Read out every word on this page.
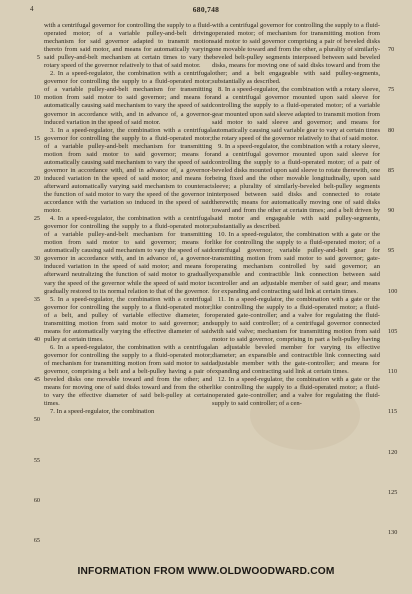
4	680,748
5
10
15
20
25
30
35
40
45
50
55
60
65

with a centrifugal governor for controlling the supply to a fluid-operated motor; of a variable pulley-and-belt driving mechanism for said governor adapted to transmit motion thereto from said motor, and means for automatically varying said pulley-and-belt mechanism at certain times to vary the rotary speed of the governor relatively to that of said motor.

2. In a speed-regulator, the combination with a centrifugal governor for controlling the supply to a fluid-operated motor; of a variable pulley-and-belt mechanism for transmitting motion from said motor to said governor; and means for automatically causing said mechanism to vary the speed of said governor in accordance with, and in advance of, a governor-induced variation in the speed of said motor.

3. In a speed-regulator, the combination with a centrifugal governor for controlling the supply to a fluid-operated motor; of a variable pulley-and-belt mechanism for transmitting motion from said motor to said governor; means for automatically causing said mechanism to vary the speed of said governor in accordance with, and in advance of, a governor-induced variation in the speed of said motor; and means for afterward automatically varying said mechanism to counteract the function of said motor to vary the speed of the governor in accordance with the variation so induced in the speed of said motor.

4. In a speed-regulator, the combination with a centrifugal governor for controlling the supply to a fluid-operated motor; of a variable pulley-and-belt mechanism for transmitting motion from said motor to said governor; means for automatically causing said mechanism to vary the speed of said governor in accordance with, and in advance of, a governor-induced variation in the speed of said motor; and means for afterward neutralizing the function of said motor to gradually vary the speed of the governor while the speed of said motor is gradually restored to its normal relation to that of the governor.

5. In a speed-regulator, the combination with a centrifugal governor for controlling the supply to a fluid-operated motor; of a belt, and pulley of variable effective diameter, for transmitting motion from said motor to said governor; and means for automatically varying the effective diameter of said pulley at certain times.

6. In a speed-regulator, the combination with a centrifugal governor for controlling the supply to a fluid-operated motor; of mechanism for transmitting motion from said motor to said governor, comprising a belt and a belt-pulley having a pair of beveled disks one movable toward and from the other; and means for moving one of said disks toward and from the other to vary the effective diameter of said belt-pulley at certain times.

7. In a speed-regulator, the combination

with a centrifugal governor for controlling the supply to a fluid-operated motor; of mechanism for transmitting motion from said motor to said governor comprising a pair of beveled disks one movable toward and from the other, a plurality of similarly-beveled belt-pulley segments interposed between said beveled disks, means for moving one of said disks toward and from the other; and a belt engageable with said pulley-segments, substantially as described.

8. In a speed-regulator, the combination with a rotary sleeve, and a centrifugal governor mounted upon said sleeve for controlling the supply to a fluid-operated motor; of a variable gear mounted upon said sleeve adapted to transmit motion from said motor to said sleeve and governor; and means for automatically causing said variable gear to vary at certain times the rotary speed of the governor relatively to that of said motor.

9. In a speed-regulator, the combination with a rotary sleeve, and a centrifugal governor mounted upon said sleeve for controlling the supply to a fluid-operated motor; of a pair of beveled disks mounted upon said sleeve to rotate therewith, one being fixed and the other movable longitudinally, upon said sleeve; a plurality of similarly-beveled belt-pulley segments interposed between said disks and connected to rotate therewith; means for automatically moving one of said disks toward and from the other at certain times; and a belt driven by said motor and engageable with said pulley-segments, substantially as described.

10. In a speed-regulator, the combination with a gate or the like for controlling the supply to a fluid-operated motor; of a centrifugal governor; variable pulley-and-belt gear for transmitting motion from said motor to said governor; gate-operating mechanism controlled by said governor; an expansible and contractible link connection between said controller and an adjustable member of said gear; and means for expanding and contracting said link at certain times.

11. In a speed-regulator, the combination with a gate or the like controlling the supply to a fluid-operated motor; a fluid-operated gate-controller; and a valve for regulating the fluid-supply to said controller; of a centrifugal governor connected with said valve; mechanism for transmitting motion from said motor to said governor, comprising in part a belt-pulley having an adjustable beveled member for varying its effective diameter; an expansible and contractible link connecting said adjustable member with the gate-controller; and means for expanding and contracting said link at certain times.

12. In a speed-regulator, the combination with a gate or the like controlling the supply to a fluid-operated motor; a fluid-operated gate-controller; and a valve for regulating the fluid-supply to said controller; of a cen-

70
75
80
85
90
95
100
105
110
115
120
125
130
INFORMATION FROM WWW.OLDWOODWARD.COM
